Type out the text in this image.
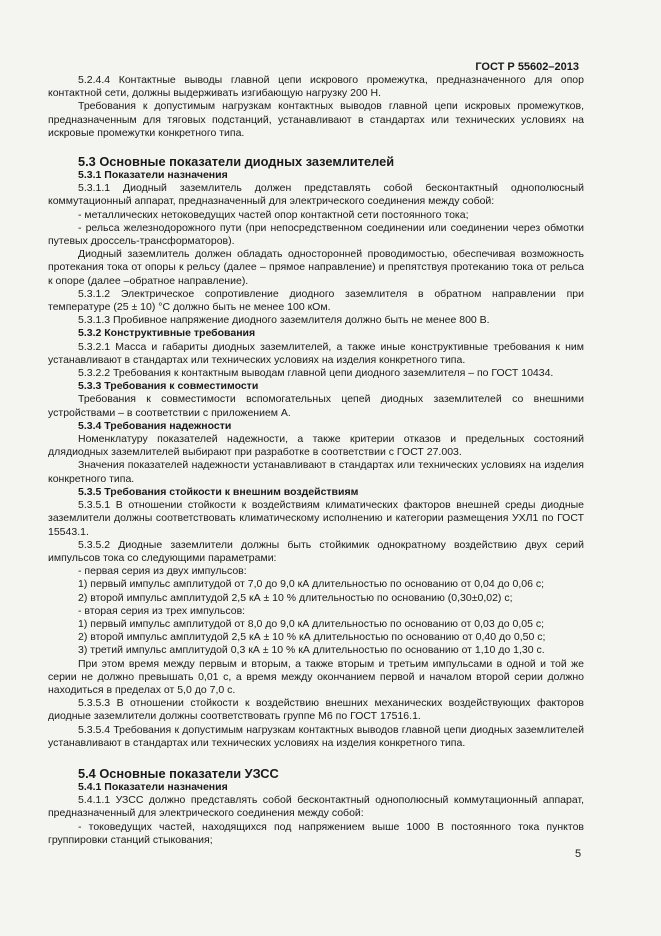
ГОСТ Р 55602–2013

5.2.4.4 Контактные выводы главной цепи искрового промежутка, предназначенного для опор контактной сети, должны выдерживать изгибающую нагрузку 200 Н.

Требования к допустимым нагрузкам контактных выводов главной цепи искровых промежутков, предназначенным для тяговых подстанций, устанавливают в стандартах или технических условиях на искровые промежутки конкретного типа.

5.3 Основные показатели диодных заземлителей

5.3.1 Показатели назначения

5.3.1.1 Диодный заземлитель должен представлять собой бесконтактный однополюсный коммутационный аппарат, предназначенный для электрического соединения между собой:

- металлических нетоковедущих частей опор контактной сети постоянного тока;

- рельса железнодорожного пути (при непосредственном соединении или соединении через обмотки путевых дроссель-трансформаторов).

Диодный заземлитель должен обладать односторонней проводимостью, обеспечивая возможность протекания тока от опоры к рельсу (далее – прямое направление) и препятствуя протеканию тока от рельса к опоре (далее –обратное направление).

5.3.1.2 Электрическое сопротивление диодного заземлителя в обратном направлении при температуре (25 ± 10) °С должно быть не менее 100 кОм.

5.3.1.3 Пробивное напряжение диодного заземлителя должно быть не менее 800 В.

5.3.2 Конструктивные требования

5.3.2.1 Масса и габариты диодных заземлителей, а также иные конструктивные требования к ним устанавливают в стандартах или технических условиях на изделия конкретного типа.

5.3.2.2 Требования к контактным выводам главной цепи диодного заземлителя – по ГОСТ 10434.

5.3.3 Требования к совместимости

Требования к совместимости вспомогательных цепей диодных заземлителей со внешними устройствами – в соответствии с приложением А.

5.3.4 Требования надежности

Номенклатуру показателей надежности, а также критерии отказов и предельных состояний длядиодных заземлителей выбирают при разработке в соответствии с ГОСТ 27.003.

Значения показателей надежности устанавливают в стандартах или технических условиях на изделия конкретного типа.

5.3.5 Требования стойкости к внешним воздействиям

5.3.5.1 В отношении стойкости к воздействиям климатических факторов внешней среды диодные заземлители должны соответствовать климатическому исполнению и категории размещения УХЛ1 по ГОСТ 15543.1.

5.3.5.2 Диодные заземлители должны быть стойкимик однократному воздействию двух серий импульсов тока со следующими параметрами:

- первая серия из двух импульсов:

1) первый импульс амплитудой от 7,0 до 9,0 кА длительностью по основанию от 0,04 до 0,06 с;

2) второй импульс амплитудой 2,5 кА ± 10 % длительностью по основанию (0,30±0,02) с;

- вторая серия из трех импульсов:

1) первый импульс амплитудой от 8,0 до 9,0 кА длительностью по основанию от 0,03 до 0,05 с;

2) второй импульс амплитудой 2,5 кА ± 10 % кА длительностью по основанию от 0,40 до 0,50 с;

3) третий импульс амплитудой 0,3 кА ± 10 % кА длительностью по основанию от 1,10 до 1,30 с.

При этом время между первым и вторым, а также вторым и третьим импульсами в одной и той же серии не должно превышать 0,01 с, а время между окончанием первой и началом второй серии должно находиться в пределах от 5,0 до 7,0 с.

5.3.5.3 В отношении стойкости к воздействию внешних механических воздействующих факторов диодные заземлители должны соответствовать группе М6 по ГОСТ 17516.1.

5.3.5.4 Требования к допустимым нагрузкам контактных выводов главной цепи диодных заземлителей устанавливают в стандартах или технических условиях на изделия конкретного типа.

5.4 Основные показатели УЗСС

5.4.1 Показатели назначения

5.4.1.1 УЗСС должно представлять собой бесконтактный однополюсный коммутационный аппарат, предназначенный для электрического соединения между собой:

- токоведущих частей, находящихся под напряжением выше 1000 В постоянного тока пунктов группировки станций стыкования;

5
